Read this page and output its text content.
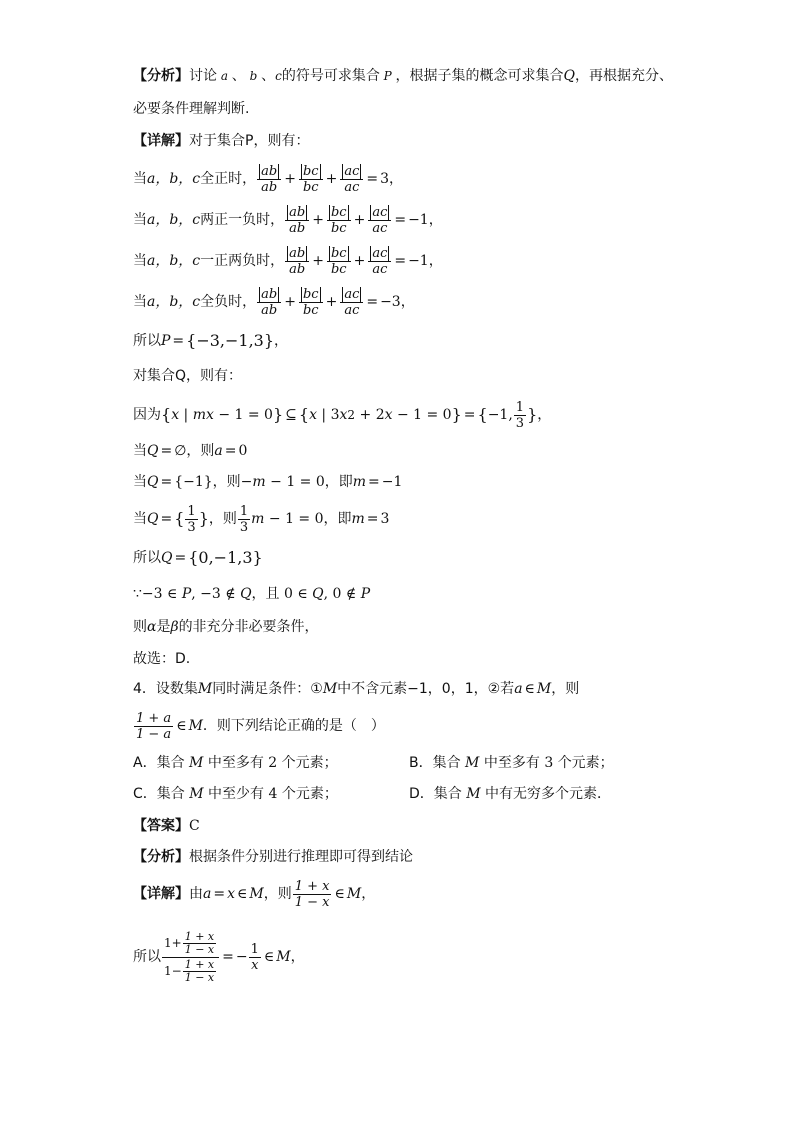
【分析】 讨论 a 、 b 、 c 的符号可求集合 P ，根据子集的概念可求集合 Q ，再根据充分、
必要条件理解判断.
【详解】 对于集合P，则有：
当 a，b，c 全正时， $\frac{ab}{ab} + \frac{bc}{bc} + \frac{ac}{ac} = 3$ ，
当 a，b，c 两正一负时， $\frac{ab}{ab} + \frac{bc}{bc} + \frac{ac}{ac} = -1$ ，
当 a，b，c 一正两负时， $\frac{ab}{ab} + \frac{bc}{bc} + \frac{ac}{ac} = -1$ ，
当 a，b，c 全负时， $\frac{ab}{ab} + \frac{bc}{bc} + \frac{ac}{ac} = -3$ ，
所以 P = {−3,−1,3} ，
对集合Q，则有：
因为 { x | mx − 1 = 0 } ⊆ { x | 3 x 2 + 2 x − 1 = 0 } = { −1, $\frac{1}{3}$ } ，
当 Q = ∅ ，则 a = 0
当 Q = {−1} ，则 − m − 1 = 0 ，即 m = −1
当 Q = { $\frac{1}{3}$ } ，则 $\frac{1}{3}$ m − 1 = 0 ，即 m = 3
所以 Q = {0,−1,3}
∵ −3 ∈ P , −3 ∉ Q ，且 0 ∈ Q , 0 ∉ P
则 α 是 β 的非充分非必要条件，
故选：D.
4．设数集 M 同时满足条件：① M 中不含元素 −1，0，1，②若 a ∈ M ，则
$\frac{1 + a}{1 - a}$ ∈ M ．则下列结论正确的是（　）
A．集合 M 中至多有
2
个元素；	B．集合 M 中至多有
3
个元素；
C．集合 M 中至少有
4
个元素；	D．集合 M 中有无穷多个元素．
【答案】 C
【分析】 根据条件分别进行推理即可得到结论
【详解】 由 a = x ∈ M ，则 $\frac{1 + x}{1 - x}$ ∈ M ，
所以 $\frac{1+ \frac{1 + x}{1 - x}}{1- \frac{1 + x}{1 - x}}$ = − $\frac{1}{x}$ ∈ M ，
